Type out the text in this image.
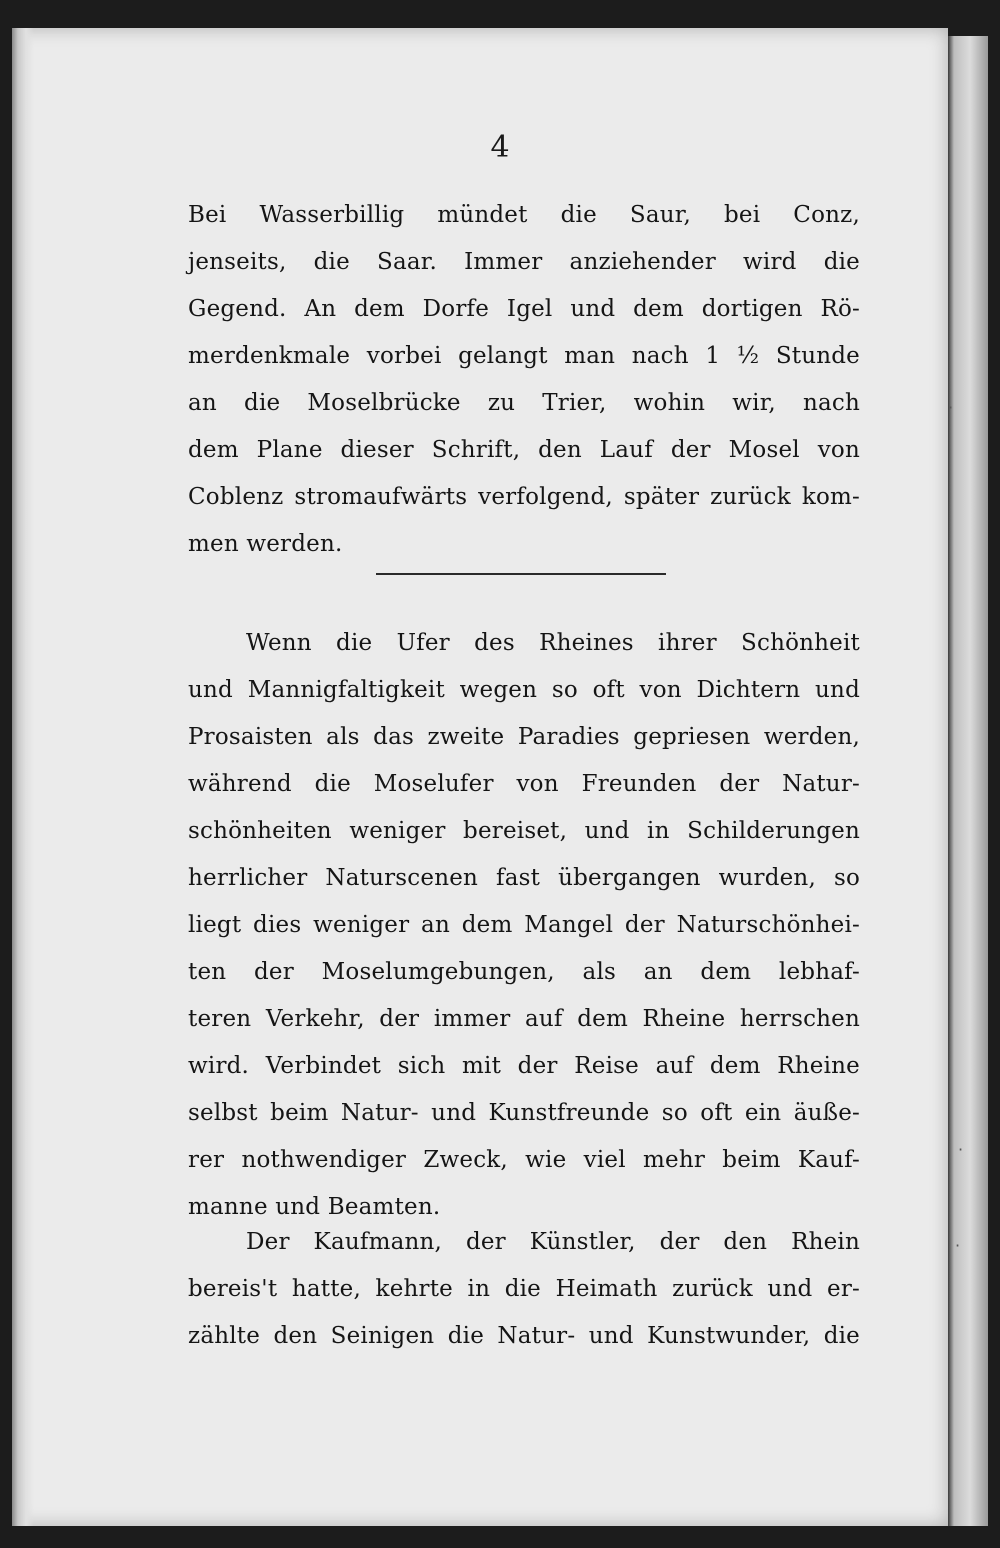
4
Bei Wasserbillig mündet die Saur, bei Conz,
jenseits, die Saar. Immer anziehender wird die
Gegend. An dem Dorfe Igel und dem dortigen Rö-
merdenkmale vorbei gelangt man nach 1 ½ Stunde
an die Moselbrücke zu Trier, wohin wir, nach
dem Plane dieser Schrift, den Lauf der Mosel von
Coblenz stromaufwärts verfolgend, später zurück kom-
men werden.
Wenn die Ufer des Rheines ihrer Schönheit
und Mannigfaltigkeit wegen so oft von Dichtern und
Prosaisten als das zweite Paradies gepriesen werden,
während die Moselufer von Freunden der Natur-
schönheiten weniger bereiset, und in Schilderungen
herrlicher Naturscenen fast übergangen wurden, so
liegt dies weniger an dem Mangel der Naturschönhei-
ten der Moselumgebungen, als an dem lebhaf-
teren Verkehr, der immer auf dem Rheine herrschen
wird. Verbindet sich mit der Reise auf dem Rheine
selbst beim Natur- und Kunstfreunde so oft ein äuße-
rer nothwendiger Zweck, wie viel mehr beim Kauf-
manne und Beamten.
Der Kaufmann, der Künstler, der den Rhein
bereis't hatte, kehrte in die Heimath zurück und er-
zählte den Seinigen die Natur- und Kunstwunder, die
·
·
·
